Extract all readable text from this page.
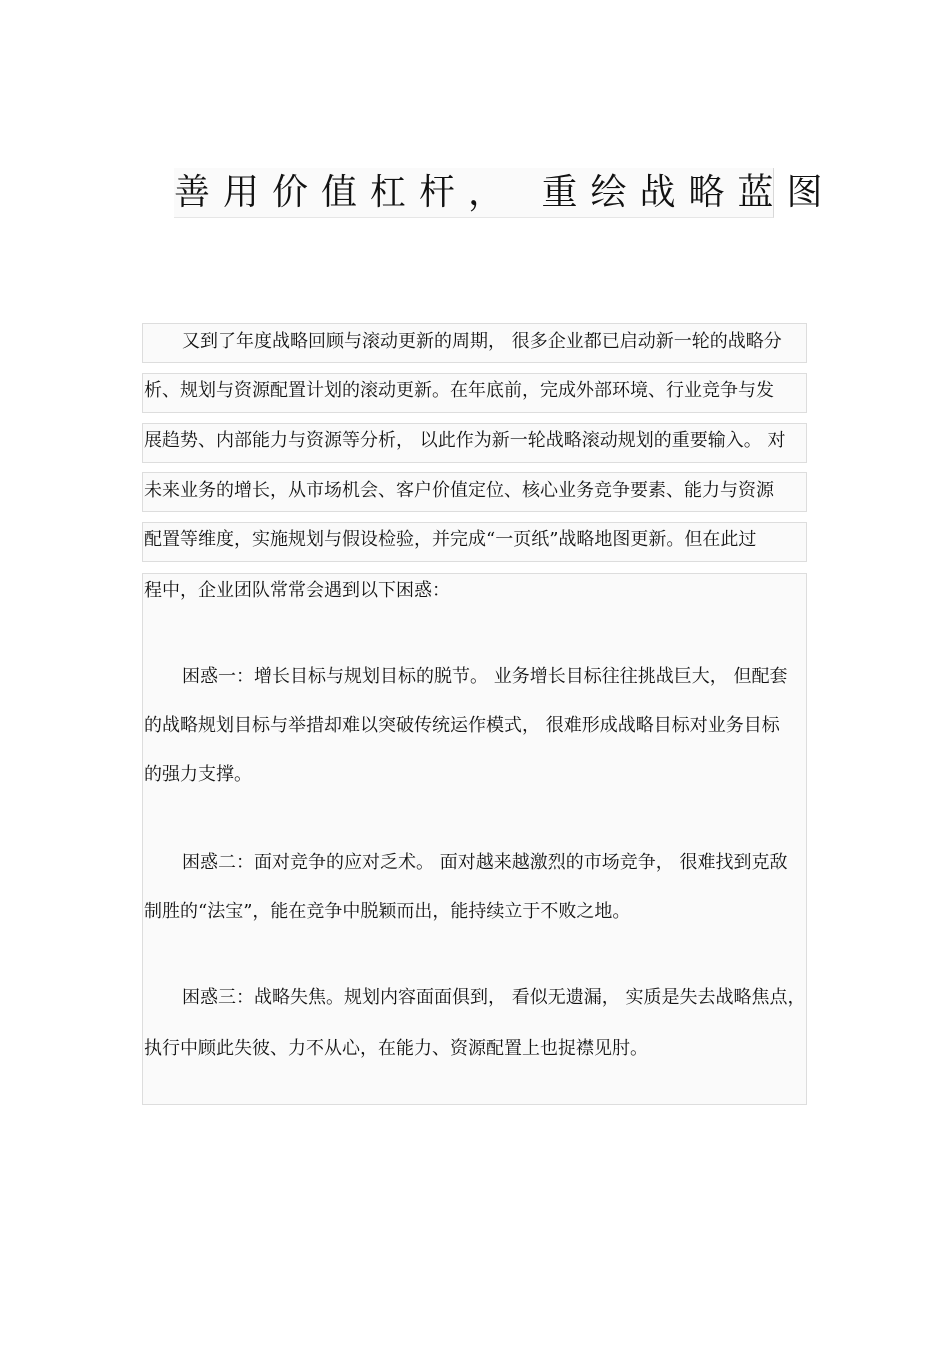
善用价值杠杆， 重绘战略蓝图

又到了年度战略回顾与滚动更新的周期， 很多企业都已启动新一轮的战略分

析、规划与资源配置计划的滚动更新。在年底前，完成外部环境、行业竞争与发

展趋势、内部能力与资源等分析， 以此作为新一轮战略滚动规划的重要输入。 对

未来业务的增长，从市场机会、客户价值定位、核心业务竞争要素、能力与资源

配置等维度，实施规划与假设检验，并完成“一页纸”战略地图更新。但在此过

程中，企业团队常常会遇到以下困惑：

困惑一：增长目标与规划目标的脱节。 业务增长目标往往挑战巨大， 但配套

的战略规划目标与举措却难以突破传统运作模式， 很难形成战略目标对业务目标

的强力支撑。

困惑二：面对竞争的应对乏术。 面对越来越激烈的市场竞争， 很难找到克敌

制胜的“法宝”，能在竞争中脱颖而出，能持续立于不败之地。

困惑三：战略失焦。规划内容面面俱到， 看似无遗漏， 实质是失去战略焦点，

执行中顾此失彼、力不从心，在能力、资源配置上也捉襟见肘。
